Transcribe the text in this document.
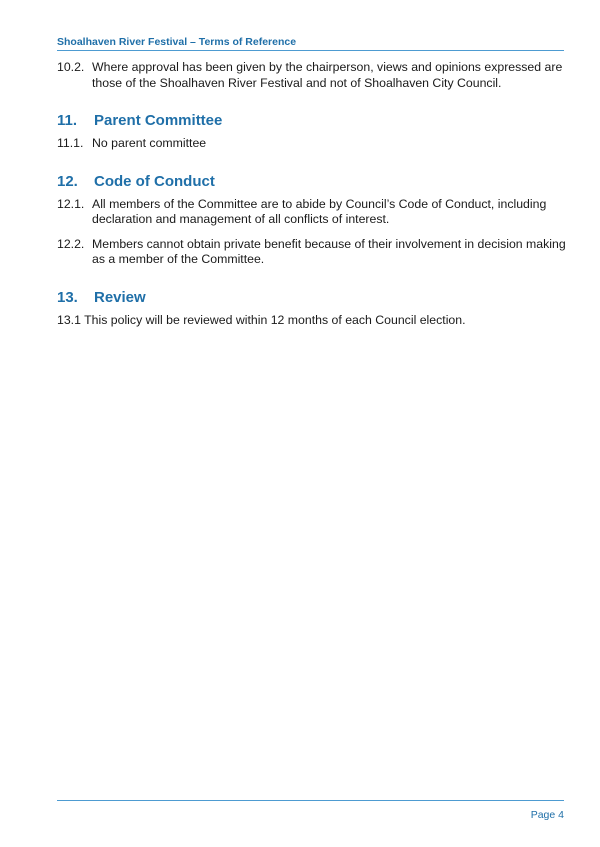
Shoalhaven River Festival – Terms of Reference
10.2. Where approval has been given by the chairperson, views and opinions expressed are those of the Shoalhaven River Festival and not of Shoalhaven City Council.
11.	Parent Committee
11.1. No parent committee
12.	Code of Conduct
12.1. All members of the Committee are to abide by Council’s Code of Conduct, including declaration and management of all conflicts of interest.
12.2. Members cannot obtain private benefit because of their involvement in decision making as a member of the Committee.
13.	Review
13.1 This policy will be reviewed within 12 months of each Council election.
Page 4
